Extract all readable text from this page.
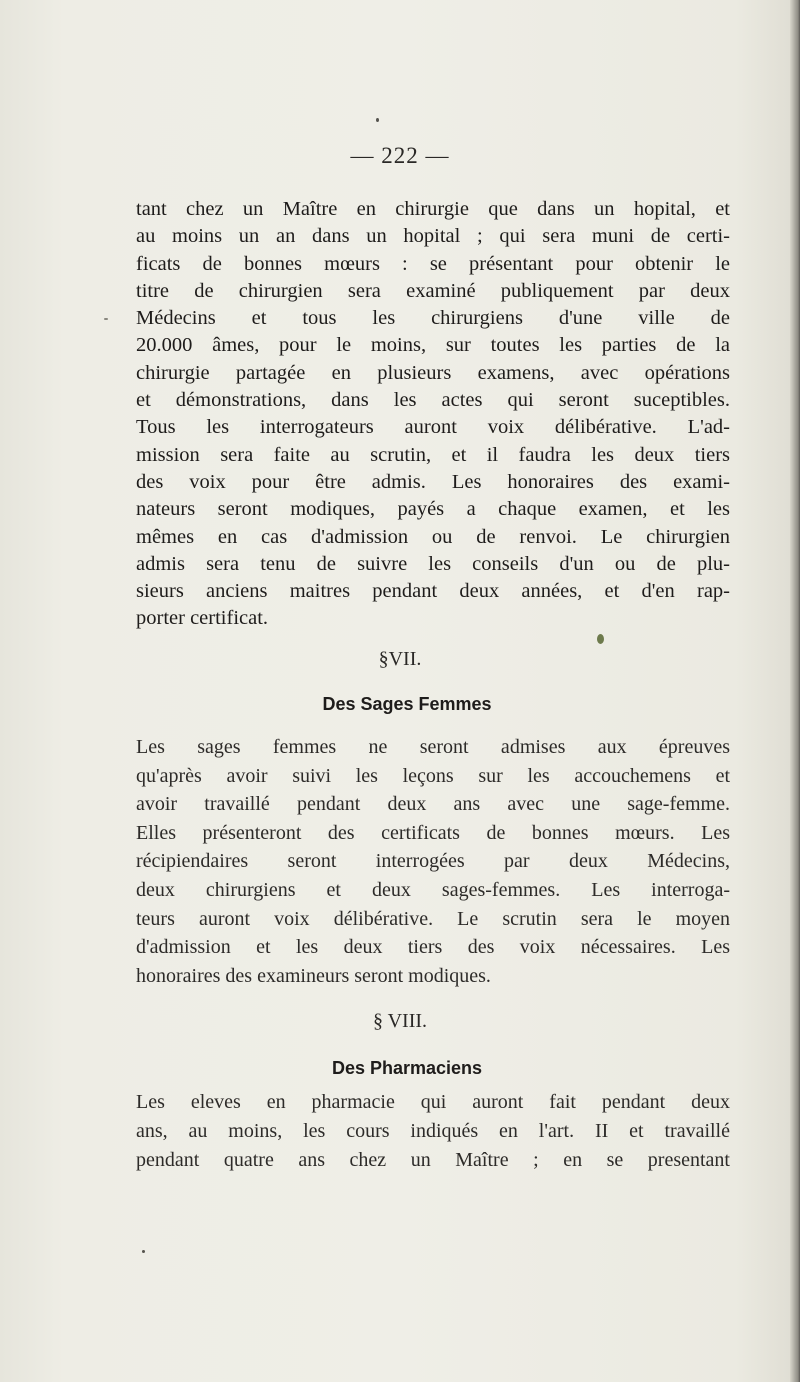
— 222 —
tant chez un Maître en chirurgie que dans un hopital, et
au moins un an dans un hopital ; qui sera muni de certi-
ficats de bonnes mœurs : se présentant pour obtenir le
titre de chirurgien sera examiné publiquement par deux
Médecins et tous les chirurgiens d'une ville de
20.000 âmes, pour le moins, sur toutes les parties de la
chirurgie partagée en plusieurs examens, avec opérations
et démonstrations, dans les actes qui seront suceptibles.
Tous les interrogateurs auront voix délibérative. L'ad-
mission sera faite au scrutin, et il faudra les deux tiers
des voix pour être admis. Les honoraires des exami-
nateurs seront modiques, payés a chaque examen, et les
mêmes en cas d'admission ou de renvoi. Le chirurgien
admis sera tenu de suivre les conseils d'un ou de plu-
sieurs anciens maitres pendant deux années, et d'en rap-
porter certificat.
§VII.
Des Sages Femmes
Les sages femmes ne seront admises aux épreuves
qu'après avoir suivi les leçons sur les accouchemens et
avoir travaillé pendant deux ans avec une sage-femme.
Elles présenteront des certificats de bonnes mœurs. Les
récipiendaires seront interrogées par deux Médecins,
deux chirurgiens et deux sages-femmes. Les interroga-
teurs auront voix délibérative. Le scrutin sera le moyen
d'admission et les deux tiers des voix nécessaires. Les
honoraires des examineurs seront modiques.
§ VIII.
Des Pharmaciens
Les eleves en pharmacie qui auront fait pendant deux
ans, au moins, les cours indiqués en l'art. II et travaillé
pendant quatre ans chez un Maître ; en se presentant
